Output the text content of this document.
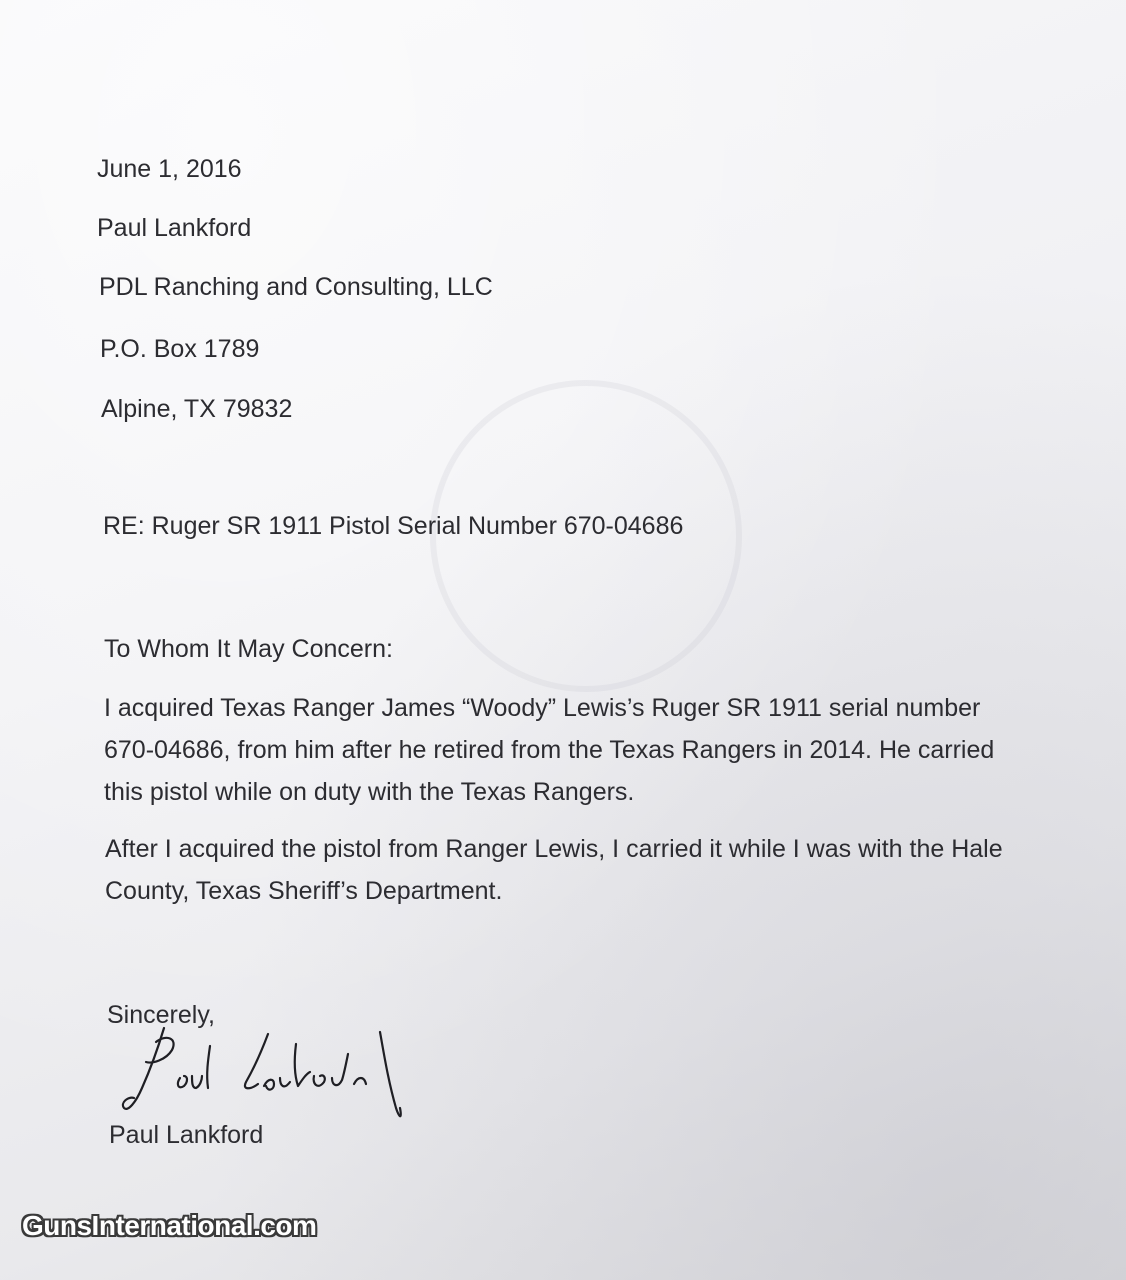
June 1, 2016
Paul Lankford
PDL Ranching and Consulting, LLC
P.O. Box 1789
Alpine, TX 79832
RE: Ruger SR 1911 Pistol Serial Number 670-04686
To Whom It May Concern:
I acquired Texas Ranger James “Woody” Lewis’s Ruger SR 1911 serial number
670-04686, from him after he retired from the Texas Rangers in 2014. He carried
this pistol while on duty with the Texas Rangers.
After I acquired the pistol from Ranger Lewis, I carried it while I was with the Hale
County, Texas Sheriff’s Department.
Sincerely,
Paul Lankford
GunsInternational.com
